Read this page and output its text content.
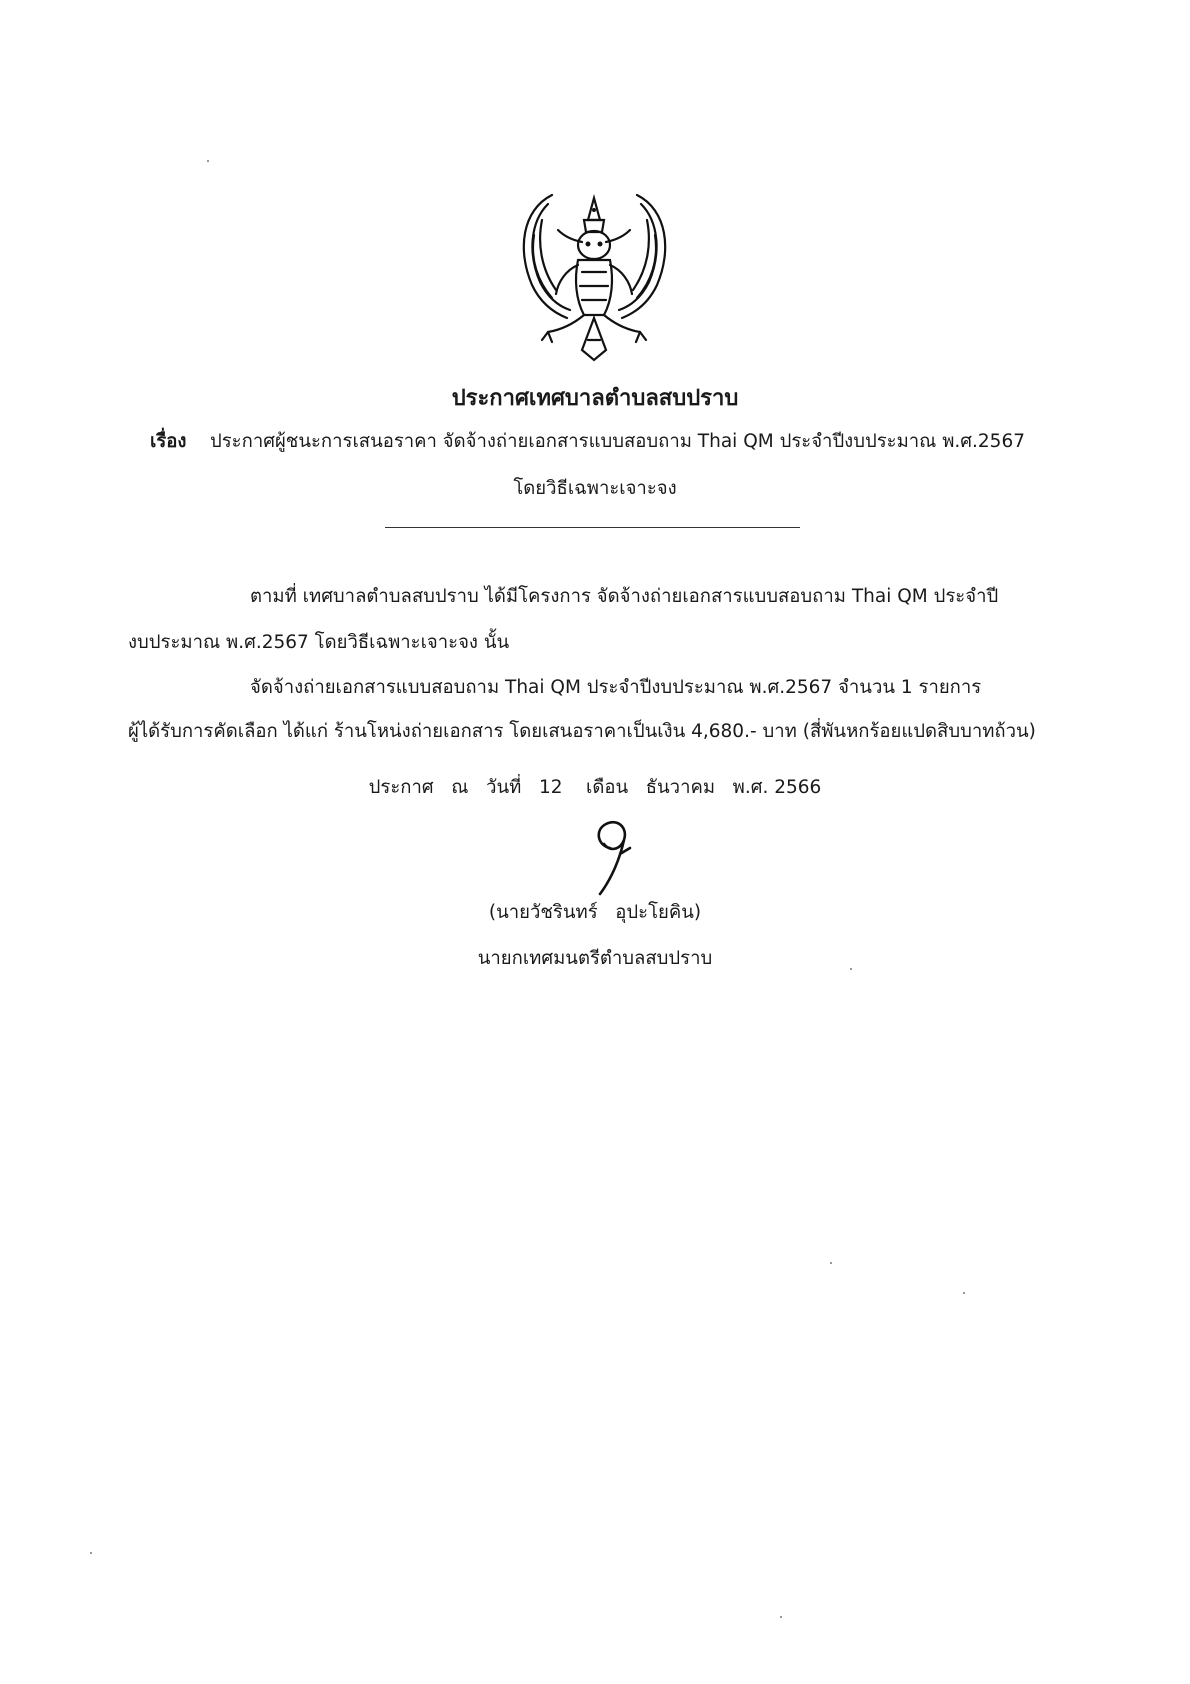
ประกาศเทศบาลตำบลสบปราบ
เรื่อง ประกาศผู้ชนะการเสนอราคา จัดจ้างถ่ายเอกสารแบบสอบถาม Thai QM ประจำปีงบประมาณ พ.ศ.2567
โดยวิธีเฉพาะเจาะจง
ตามที่ เทศบาลตำบลสบปราบ ได้มีโครงการ จัดจ้างถ่ายเอกสารแบบสอบถาม Thai QM ประจำปี
งบประมาณ พ.ศ.2567 โดยวิธีเฉพาะเจาะจง นั้น
จัดจ้างถ่ายเอกสารแบบสอบถาม Thai QM ประจำปีงบประมาณ พ.ศ.2567 จำนวน 1 รายการ
ผู้ได้รับการคัดเลือก ได้แก่ ร้านโหน่งถ่ายเอกสาร โดยเสนอราคาเป็นเงิน 4,680.- บาท (สี่พันหกร้อยแปดสิบบาทถ้วน)
ประกาศ   ณ   วันที่   12    เดือน   ธันวาคม   พ.ศ. 2566
(นายวัชรินทร์   อุปะโยคิน)
นายกเทศมนตรีตำบลสบปราบ
